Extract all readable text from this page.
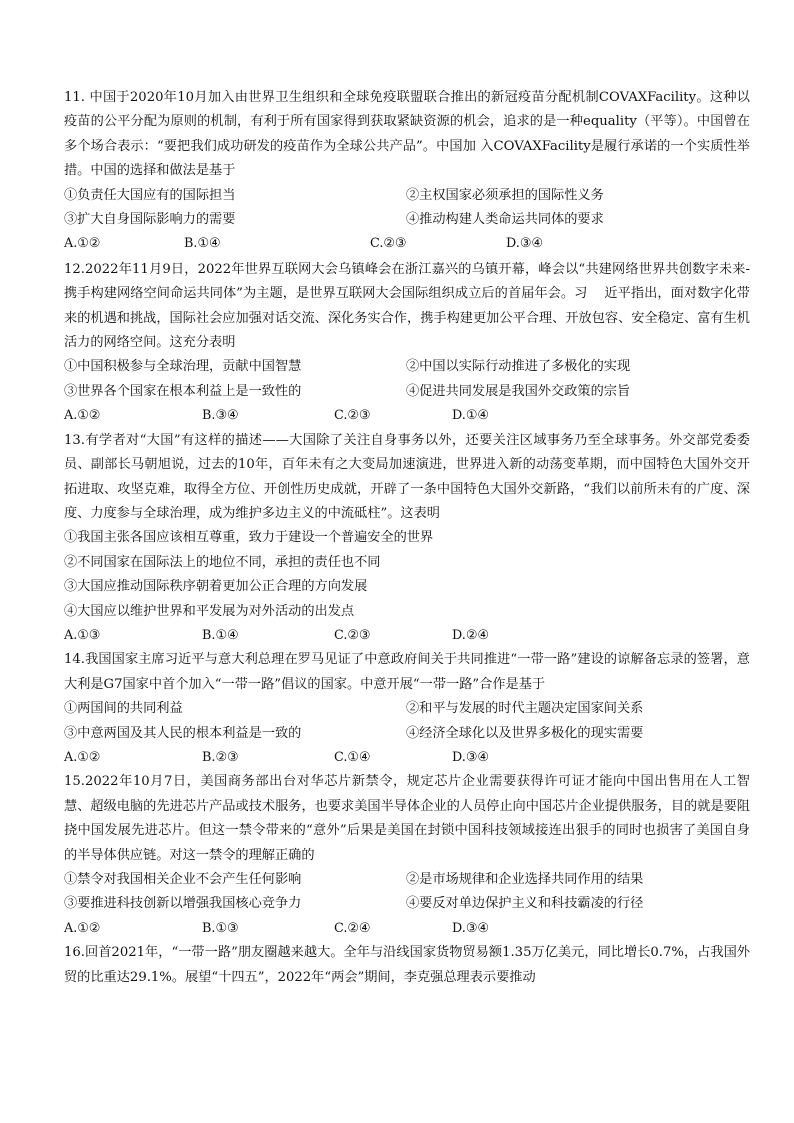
11. 中国于2020年10月加入由世界卫生组织和全球免疫联盟联合推出的新冠疫苗分配机制COVAXFacility。这种以疫苗的公平分配为原则的机制，有利于所有国家得到获取紧缺资源的机会，追求的是一种equality（平等）。中国曾在多个场合表示：“要把我们成功研发的疫苗作为全球公共产品”。中国加 入COVAXFacility是履行承诺的一个实质性举措。中国的选择和做法是基于

①负责任大国应有的国际担当	②主权国家必须承担的国际性义务
③扩大自身国际影响力的需要	④推动构建人类命运共同体的要求
A.①②	B.①④	C.②③	D.③④

12.2022年11月9日，2022年世界互联网大会乌镇峰会在浙江嘉兴的乌镇开幕，峰会以“共建网络世界共创数字未来-携手构建网络空间命运共同体”为主题，是世界互联网大会国际组织成立后的首届年会。习    近平指出，面对数字化带来的机遇和挑战，国际社会应加强对话交流、深化务实合作，携手构建更加公平合理、开放包容、安全稳定、富有生机活力的网络空间。这充分表明

①中国积极参与全球治理，贡献中国智慧	②中国以实际行动推进了多极化的实现
③世界各个国家在根本利益上是一致性的	④促进共同发展是我国外交政策的宗旨
A.①②	B.③④	C.②③	D.①④

13.有学者对“大国”有这样的描述——大国除了关注自身事务以外，还要关注区域事务乃至全球事务。外交部党委委员、副部长马朝旭说，过去的10年，百年未有之大变局加速演进，世界进入新的动荡变革期，而中国特色大国外交开拓进取、攻坚克难，取得全方位、开创性历史成就，开辟了一条中国特色大国外交新路，“我们以前所未有的广度、深度、力度参与全球治理，成为维护多边主义的中流砥柱”。这表明

①我国主张各国应该相互尊重，致力于建设一个普遍安全的世界

②不同国家在国际法上的地位不同，承担的责任也不同

③大国应推动国际秩序朝着更加公正合理的方向发展

④大国应以维护世界和平发展为对外活动的出发点

A.①③	B.①④	C.②③	D.②④

14.我国国家主席习近平与意大利总理在罗马见证了中意政府间关于共同推进“一带一路”建设的谅解备忘录的签署，意大利是G7国家中首个加入“一带一路”倡议的国家。中意开展“一带一路”合作是基于

①两国间的共同利益	②和平与发展的时代主题决定国家间关系
③中意两国及其人民的根本利益是一致的	④经济全球化以及世界多极化的现实需要
A.①②	B.②③	C.①④	D.③④

15.2022年10月7日，美国商务部出台对华芯片新禁令，规定芯片企业需要获得许可证才能向中国出售用在人工智慧、超级电脑的先进芯片产品或技术服务，也要求美国半导体企业的人员停止向中国芯片企业提供服务，目的就是要阻挠中国发展先进芯片。但这一禁令带来的“意外”后果是美国在封锁中国科技领域接连出狠手的同时也损害了美国自身的半导体供应链。对这一禁令的理解正确的

①禁令对我国相关企业不会产生任何影响	②是市场规律和企业选择共同作用的结果
③要推进科技创新以增强我国核心竞争力	④要反对单边保护主义和科技霸凌的行径
A.①②	B.①③	C.②④	D.③④

16.回首2021年，“一带一路”朋友圈越来越大。全年与沿线国家货物贸易额1.35万亿美元，同比增长0.7%，占我国外贸的比重达29.1%。展望“十四五”，2022年“两会”期间，李克强总理表示要推动
